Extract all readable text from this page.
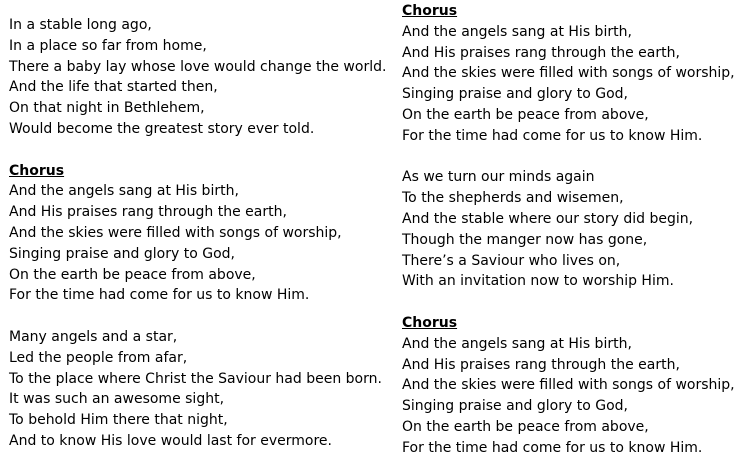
In a stable long ago,
In a place so far from home,
There a baby lay whose love would change the world.
And the life that started then,
On that night in Bethlehem,
Would become the greatest story ever told.
Chorus
And the angels sang at His birth,
And His praises rang through the earth,
And the skies were filled with songs of worship,
Singing praise and glory to God,
On the earth be peace from above,
For the time had come for us to know Him.
Many angels and a star,
Led the people from afar,
To the place where Christ the Saviour had been born.
It was such an awesome sight,
To behold Him there that night,
And to know His love would last for evermore.
Chorus
And the angels sang at His birth,
And His praises rang through the earth,
And the skies were filled with songs of worship,
Singing praise and glory to God,
On the earth be peace from above,
For the time had come for us to know Him.
As we turn our minds again
To the shepherds and wisemen,
And the stable where our story did begin,
Though the manger now has gone,
There’s a Saviour who lives on,
With an invitation now to worship Him.
Chorus
And the angels sang at His birth,
And His praises rang through the earth,
And the skies were filled with songs of worship,
Singing praise and glory to God,
On the earth be peace from above,
For the time had come for us to know Him.
